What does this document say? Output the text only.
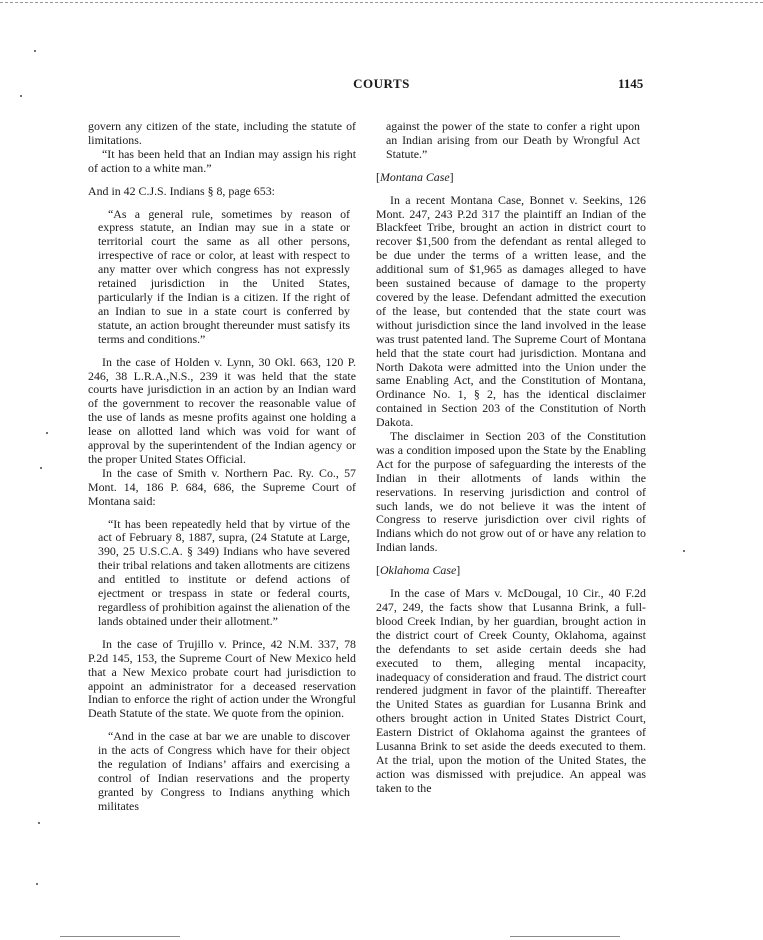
COURTS	1145

govern any citizen of the state, including the statute of limitations.

“It has been held that an Indian may assign his right of action to a white man.”

And in 42 C.J.S. Indians § 8, page 653:

“As a general rule, sometimes by reason of express statute, an Indian may sue in a state or territorial court the same as all other persons, irrespective of race or color, at least with respect to any matter over which congress has not expressly retained jurisdiction in the United States, particularly if the Indian is a citizen. If the right of an Indian to sue in a state court is conferred by statute, an action brought thereunder must satisfy its terms and conditions.”

In the case of Holden v. Lynn, 30 Okl. 663, 120 P. 246, 38 L.R.A.,N.S., 239 it was held that the state courts have jurisdiction in an action by an Indian ward of the government to recover the reasonable value of the use of lands as mesne profits against one holding a lease on allotted land which was void for want of approval by the superintendent of the Indian agency or the proper United States Official.

In the case of Smith v. Northern Pac. Ry. Co., 57 Mont. 14, 186 P. 684, 686, the Supreme Court of Montana said:

“It has been repeatedly held that by virtue of the act of February 8, 1887, supra, (24 Statute at Large, 390, 25 U.S.C.A. § 349) Indians who have severed their tribal relations and taken allotments are citizens and entitled to institute or defend actions of ejectment or trespass in state or federal courts, regardless of prohibition against the alienation of the lands obtained under their allotment.”

In the case of Trujillo v. Prince, 42 N.M. 337, 78 P.2d 145, 153, the Supreme Court of New Mexico held that a New Mexico probate court had jurisdiction to appoint an administrator for a deceased reservation Indian to enforce the right of action under the Wrongful Death Statute of the state. We quote from the opinion.

“And in the case at bar we are unable to discover in the acts of Congress which have for their object the regulation of Indians’ affairs and exercising a control of Indian reservations and the property granted by Congress to Indians anything which militates

against the power of the state to confer a right upon an Indian arising from our Death by Wrongful Act Statute.”

[Montana Case]

In a recent Montana Case, Bonnet v. Seekins, 126 Mont. 247, 243 P.2d 317 the plaintiff an Indian of the Blackfeet Tribe, brought an action in district court to recover $1,500 from the defendant as rental alleged to be due under the terms of a written lease, and the additional sum of $1,965 as damages alleged to have been sustained because of damage to the property covered by the lease. Defendant admitted the execution of the lease, but contended that the state court was without jurisdiction since the land involved in the lease was trust patented land. The Supreme Court of Montana held that the state court had jurisdiction. Montana and North Dakota were admitted into the Union under the same Enabling Act, and the Constitution of Montana, Ordinance No. 1, § 2, has the identical disclaimer contained in Section 203 of the Constitution of North Dakota.

The disclaimer in Section 203 of the Constitution was a condition imposed upon the State by the Enabling Act for the purpose of safeguarding the interests of the Indian in their allotments of lands within the reservations. In reserving jurisdiction and control of such lands, we do not believe it was the intent of Congress to reserve jurisdiction over civil rights of Indians which do not grow out of or have any relation to Indian lands.

[Oklahoma Case]

In the case of Mars v. McDougal, 10 Cir., 40 F.2d 247, 249, the facts show that Lusanna Brink, a full-blood Creek Indian, by her guardian, brought action in the district court of Creek County, Oklahoma, against the defendants to set aside certain deeds she had executed to them, alleging mental incapacity, inadequacy of consideration and fraud. The district court rendered judgment in favor of the plaintiff. Thereafter the United States as guardian for Lusanna Brink and others brought action in United States District Court, Eastern District of Oklahoma against the grantees of Lusanna Brink to set aside the deeds executed to them. At the trial, upon the motion of the United States, the action was dismissed with prejudice. An appeal was taken to the
